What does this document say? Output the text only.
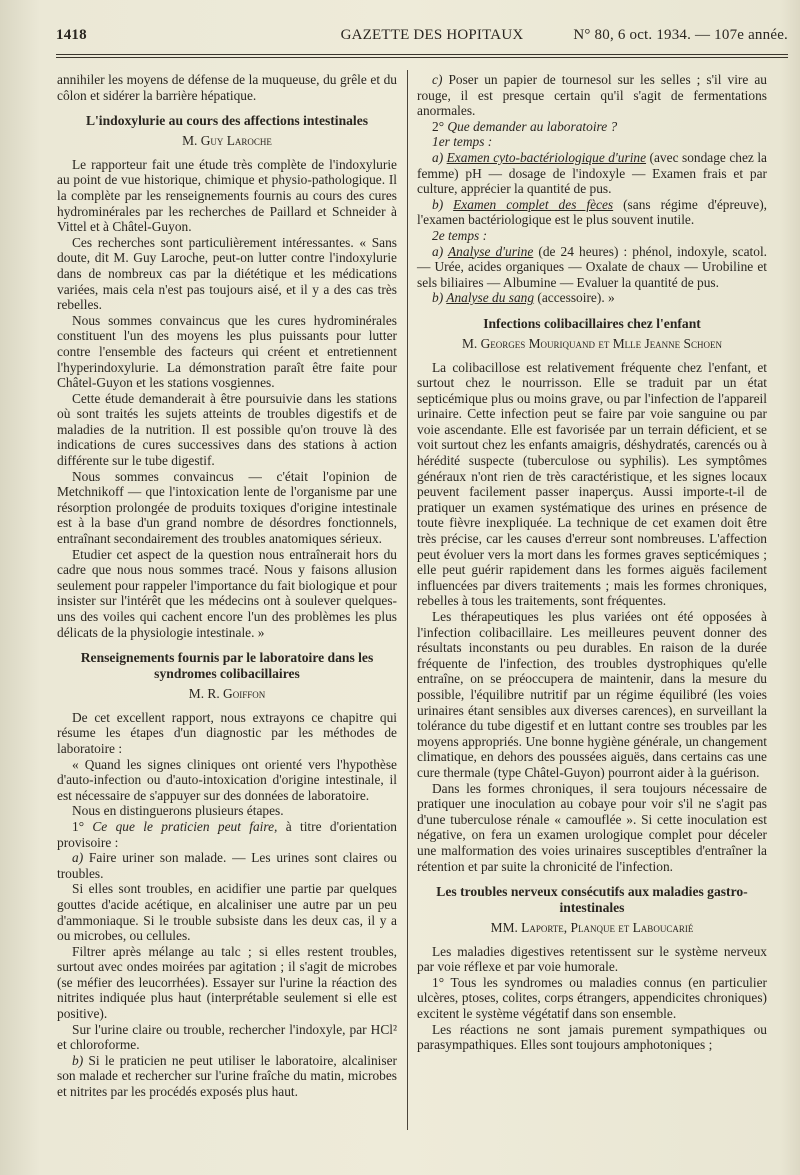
1418	GAZETTE DES HOPITAUX	N° 80, 6 oct. 1934. — 107e année.

annihiler les moyens de défense de la muqueuse, du grêle et du côlon et sidérer la barrière hépatique.

L'indoxylurie au cours des affections intestinales
M. Guy Laroche

Le rapporteur fait une étude très complète de l'indoxylurie au point de vue historique, chimique et physio-pathologique. Il la complète par les renseignements fournis au cours des cures hydrominérales par les recherches de Paillard et Schneider à Vittel et à Châtel-Guyon.

Ces recherches sont particulièrement intéressantes. « Sans doute, dit M. Guy Laroche, peut-on lutter contre l'indoxylurie dans de nombreux cas par la diététique et les médications variées, mais cela n'est pas toujours aisé, et il y a des cas très rebelles.

Nous sommes convaincus que les cures hydrominérales constituent l'un des moyens les plus puissants pour lutter contre l'ensemble des facteurs qui créent et entretiennent l'hyperindoxylurie. La démonstration paraît être faite pour Châtel-Guyon et les stations vosgiennes.

Cette étude demanderait à être poursuivie dans les stations où sont traités les sujets atteints de troubles digestifs et de maladies de la nutrition. Il est possible qu'on trouve là des indications de cures successives dans des stations à action différente sur le tube digestif.

Nous sommes convaincus — c'était l'opinion de Metchnikoff — que l'intoxication lente de l'organisme par une résorption prolongée de produits toxiques d'origine intestinale est à la base d'un grand nombre de désordres fonctionnels, entraînant secondairement des troubles anatomiques sérieux.

Etudier cet aspect de la question nous entraînerait hors du cadre que nous nous sommes tracé. Nous y faisons allusion seulement pour rappeler l'importance du fait biologique et pour insister sur l'intérêt que les médecins ont à soulever quelques-uns des voiles qui cachent encore l'un des problèmes les plus délicats de la physiologie intestinale. »

Renseignements fournis par le laboratoire dans les syndromes colibacillaires
M. R. Goiffon

De cet excellent rapport, nous extrayons ce chapitre qui résume les étapes d'un diagnostic par les méthodes de laboratoire :

« Quand les signes cliniques ont orienté vers l'hypothèse d'auto-infection ou d'auto-intoxication d'origine intestinale, il est nécessaire de s'appuyer sur des données de laboratoire.

Nous en distinguerons plusieurs étapes.

1° Ce que le praticien peut faire, à titre d'orientation provisoire :

a) Faire uriner son malade. — Les urines sont claires ou troubles.

Si elles sont troubles, en acidifier une partie par quelques gouttes d'acide acétique, en alcaliniser une autre par un peu d'ammoniaque. Si le trouble subsiste dans les deux cas, il y a ou microbes, ou cellules.

Filtrer après mélange au talc ; si elles restent troubles, surtout avec ondes moirées par agitation ; il s'agit de microbes (se méfier des leucorrhées). Essayer sur l'urine la réaction des nitrites indiquée plus haut (interprétable seulement si elle est positive).

Sur l'urine claire ou trouble, rechercher l'indoxyle, par HCl² et chloroforme.

b) Si le praticien ne peut utiliser le laboratoire, alcaliniser son malade et rechercher sur l'urine fraîche du matin, microbes et nitrites par les procédés exposés plus haut.

c) Poser un papier de tournesol sur les selles ; s'il vire au rouge, il est presque certain qu'il s'agit de fermentations anormales.

2° Que demander au laboratoire ?

1er temps :

a) Examen cyto-bactériologique d'urine (avec sondage chez la femme) pH — dosage de l'indoxyle — Examen frais et par culture, apprécier la quantité de pus.

b) Examen complet des fèces (sans régime d'épreuve), l'examen bactériologique est le plus souvent inutile.

2e temps :

a) Analyse d'urine (de 24 heures) : phénol, indoxyle, scatol. — Urée, acides organiques — Oxalate de chaux — Urobiline et sels biliaires — Albumine — Evaluer la quantité de pus.

b) Analyse du sang (accessoire). »

Infections colibacillaires chez l'enfant
M. Georges Mouriquand et Mlle Jeanne Schoen

La colibacillose est relativement fréquente chez l'enfant, et surtout chez le nourrisson. Elle se traduit par un état septicémique plus ou moins grave, ou par l'infection de l'appareil urinaire. Cette infection peut se faire par voie sanguine ou par voie ascendante. Elle est favorisée par un terrain déficient, et se voit surtout chez les enfants amaigris, déshydratés, carencés ou à hérédité suspecte (tuberculose ou syphilis). Les symptômes généraux n'ont rien de très caractéristique, et les signes locaux peuvent facilement passer inaperçus. Aussi importe-t-il de pratiquer un examen systématique des urines en présence de toute fièvre inexpliquée. La technique de cet examen doit être très précise, car les causes d'erreur sont nombreuses. L'affection peut évoluer vers la mort dans les formes graves septicémiques ; elle peut guérir rapidement dans les formes aiguës facilement influencées par divers traitements ; mais les formes chroniques, rebelles à tous les traitements, sont fréquentes.

Les thérapeutiques les plus variées ont été opposées à l'infection colibacillaire. Les meilleures peuvent donner des résultats inconstants ou peu durables. En raison de la durée fréquente de l'infection, des troubles dystrophiques qu'elle entraîne, on se préoccupera de maintenir, dans la mesure du possible, l'équilibre nutritif par un régime équilibré (les voies urinaires étant sensibles aux diverses carences), en surveillant la tolérance du tube digestif et en luttant contre ses troubles par les moyens appropriés. Une bonne hygiène générale, un changement climatique, en dehors des poussées aiguës, dans certains cas une cure thermale (type Châtel-Guyon) pourront aider à la guérison.

Dans les formes chroniques, il sera toujours nécessaire de pratiquer une inoculation au cobaye pour voir s'il ne s'agit pas d'une tuberculose rénale « camouflée ». Si cette inoculation est négative, on fera un examen urologique complet pour déceler une malformation des voies urinaires susceptibles d'entraîner la rétention et par suite la chronicité de l'infection.

Les troubles nerveux consécutifs aux maladies gastro-intestinales
MM. Laporte, Planque et Laboucarié

Les maladies digestives retentissent sur le système nerveux par voie réflexe et par voie humorale.

1° Tous les syndromes ou maladies connus (en particulier ulcères, ptoses, colites, corps étrangers, appendicites chroniques) excitent le système végétatif dans son ensemble.

Les réactions ne sont jamais purement sympathiques ou parasympathiques. Elles sont toujours amphotoniques ;
